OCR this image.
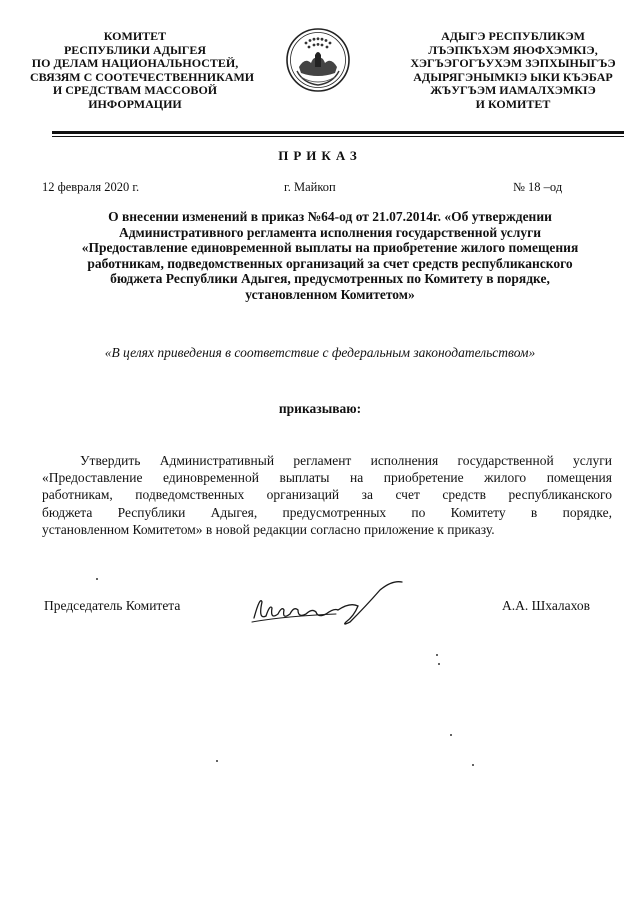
КОМИТЕТ
РЕСПУБЛИКИ АДЫГЕЯ
ПО ДЕЛАМ НАЦИОНАЛЬНОСТЕЙ,
СВЯЗЯМ С СООТЕЧЕСТВЕННИКАМИ
И СРЕДСТВАМ МАССОВОЙ
ИНФОРМАЦИИ
АДЫГЭ РЕСПУБЛИКЭМ
ЛЪЭПКЪХЭМ ЯЮФХЭМКIЭ,
ХЭГЪЭГОГЪУХЭМ ЗЭПХЫНЫГЪЭ
АДЫРЯГЭНЫМКIЭ ЫКИ КЪЭБАР
ЖЪУГЪЭМ ИАМАЛХЭМКIЭ
И КОМИТЕТ
ПРИКАЗ
12 февраля 2020 г.	г. Майкоп	№ 18 –од
О внесении изменений в приказ №64-од от 21.07.2014г. «Об утверждении
Административного регламента исполнения государственной услуги
«Предоставление единовременной выплаты на приобретение жилого помещения
работникам, подведомственных организаций за счет средств республиканского
бюджета Республики Адыгея, предусмотренных по Комитету в порядке,
установленном Комитетом»
«В целях приведения в соответствие с федеральным законодательством»
приказываю:
Утвердить Административный регламент исполнения государственной услуги
«Предоставление единовременной выплаты на приобретение жилого помещения
работникам, подведомственных организаций за счет средств республиканского
бюджета Республики Адыгея, предусмотренных по Комитету в порядке,
установленном Комитетом» в новой редакции согласно приложение к приказу.
Председатель Комитета	А.А. Шхалахов
